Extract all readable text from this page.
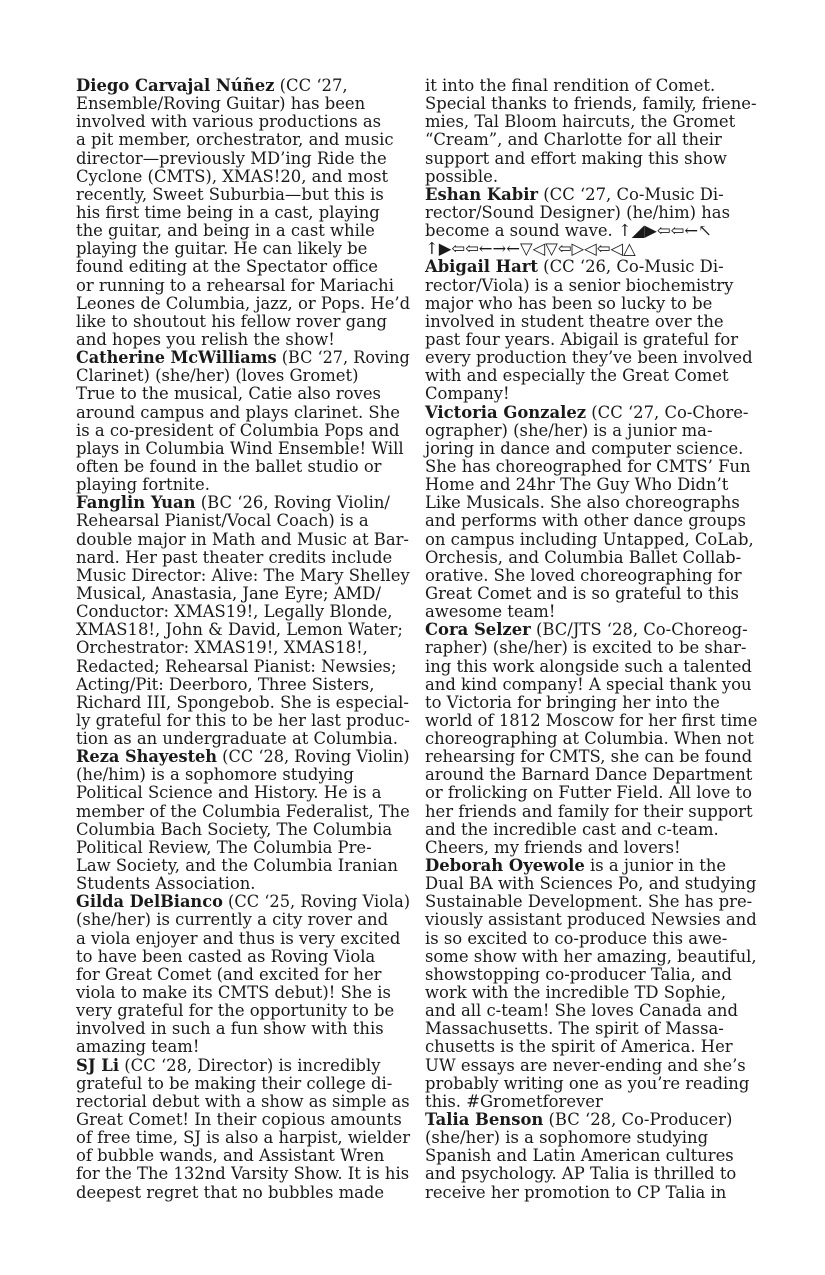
Diego Carvajal Núñez (CC ‘27,
Ensemble/Roving Guitar) has been
involved with various productions as
a pit member, orchestrator, and music
director—previously MD’ing Ride the
Cyclone (CMTS), XMAS!20, and most
recently, Sweet Suburbia—but this is
his first time being in a cast, playing
the guitar, and being in a cast while
playing the guitar. He can likely be
found editing at the Spectator office
or running to a rehearsal for Mariachi
Leones de Columbia, jazz, or Pops. He’d
like to shoutout his fellow rover gang
and hopes you relish the show!
Catherine McWilliams (BC ‘27, Roving
Clarinet) (she/her) (loves Gromet)
True to the musical, Catie also roves
around campus and plays clarinet. She
is a co-president of Columbia Pops and
plays in Columbia Wind Ensemble! Will
often be found in the ballet studio or
playing fortnite.
Fanglin Yuan (BC ‘26, Roving Violin/
Rehearsal Pianist/Vocal Coach) is a
double major in Math and Music at Bar-
nard. Her past theater credits include
Music Director: Alive: The Mary Shelley
Musical, Anastasia, Jane Eyre; AMD/
Conductor: XMAS19!, Legally Blonde,
XMAS18!, John & David, Lemon Water;
Orchestrator: XMAS19!, XMAS18!,
Redacted; Rehearsal Pianist: Newsies;
Acting/Pit: Deerboro, Three Sisters,
Richard III, Spongebob. She is especial-
ly grateful for this to be her last produc-
tion as an undergraduate at Columbia.
Reza Shayesteh (CC ‘28, Roving Violin)
(he/him) is a sophomore studying
Political Science and History. He is a
member of the Columbia Federalist, The
Columbia Bach Society, The Columbia
Political Review, The Columbia Pre-
Law Society, and the Columbia Iranian
Students Association.
Gilda DelBianco (CC ‘25, Roving Viola)
(she/her) is currently a city rover and
a viola enjoyer and thus is very excited
to have been casted as Roving Viola
for Great Comet (and excited for her
viola to make its CMTS debut)! She is
very grateful for the opportunity to be
involved in such a fun show with this
amazing team!
SJ Li (CC ‘28, Director) is incredibly
grateful to be making their college di-
rectorial debut with a show as simple as
Great Comet! In their copious amounts
of free time, SJ is also a harpist, wielder
of bubble wands, and Assistant Wren
for the The 132nd Varsity Show. It is his
deepest regret that no bubbles made
it into the final rendition of Comet.
Special thanks to friends, family, friene-
mies, Tal Bloom haircuts, the Gromet
“Cream”, and Charlotte for all their
support and effort making this show
possible.
Eshan Kabir (CC ‘27, Co-Music Di-
rector/Sound Designer) (he/him) has
become a sound wave. ↑◢▶⇦⇦←↖
↑▶⇦⇦←→←▽◁▽⇦▷◁⇦◁△
Abigail Hart (CC ‘26, Co-Music Di-
rector/Viola) is a senior biochemistry
major who has been so lucky to be
involved in student theatre over the
past four years. Abigail is grateful for
every production they’ve been involved
with and especially the Great Comet
Company!
Victoria Gonzalez (CC ‘27, Co-Chore-
ographer) (she/her) is a junior ma-
joring in dance and computer science.
She has choreographed for CMTS’ Fun
Home and 24hr The Guy Who Didn’t
Like Musicals. She also choreographs
and performs with other dance groups
on campus including Untapped, CoLab,
Orchesis, and Columbia Ballet Collab-
orative. She loved choreographing for
Great Comet and is so grateful to this
awesome team!
Cora Selzer (BC/JTS ‘28, Co-Choreog-
rapher) (she/her) is excited to be shar-
ing this work alongside such a talented
and kind company! A special thank you
to Victoria for bringing her into the
world of 1812 Moscow for her first time
choreographing at Columbia. When not
rehearsing for CMTS, she can be found
around the Barnard Dance Department
or frolicking on Futter Field. All love to
her friends and family for their support
and the incredible cast and c-team.
Cheers, my friends and lovers!
Deborah Oyewole is a junior in the
Dual BA with Sciences Po, and studying
Sustainable Development. She has pre-
viously assistant produced Newsies and
is so excited to co-produce this awe-
some show with her amazing, beautiful,
showstopping co-producer Talia, and
work with the incredible TD Sophie,
and all c-team! She loves Canada and
Massachusetts. The spirit of Massa-
chusetts is the spirit of America. Her
UW essays are never-ending and she’s
probably writing one as you’re reading
this. #Grometforever
Talia Benson (BC ‘28, Co-Producer)
(she/her) is a sophomore studying
Spanish and Latin American cultures
and psychology. AP Talia is thrilled to
receive her promotion to CP Talia in
